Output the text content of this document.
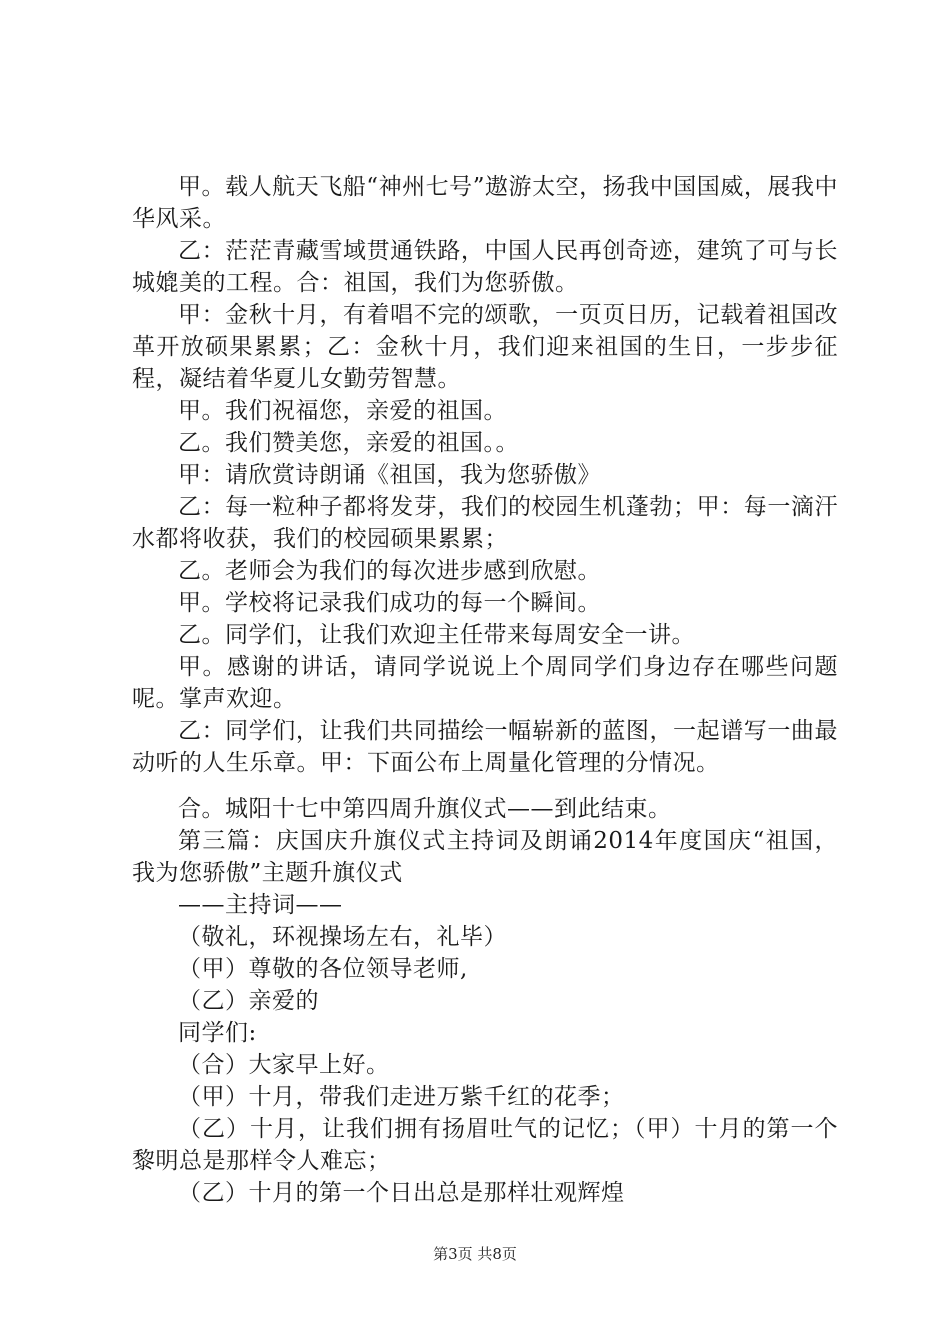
甲。载人航天飞船“神州七号”遨游太空，扬我中国国威，展我中华风采。

乙：茫茫青藏雪域贯通铁路，中国人民再创奇迹，建筑了可与长城媲美的工程。合：祖国，我们为您骄傲。

甲：金秋十月，有着唱不完的颂歌，一页页日历，记载着祖国改革开放硕果累累；乙：金秋十月，我们迎来祖国的生日，一步步征程，凝结着华夏儿女勤劳智慧。

甲。我们祝福您，亲爱的祖国。

乙。我们赞美您，亲爱的祖国。。

甲：请欣赏诗朗诵《祖国，我为您骄傲》

乙：每一粒种子都将发芽，我们的校园生机蓬勃；甲：每一滴汗水都将收获，我们的校园硕果累累；

乙。老师会为我们的每次进步感到欣慰。

甲。学校将记录我们成功的每一个瞬间。

乙。同学们，让我们欢迎主任带来每周安全一讲。

甲。感谢的讲话，请同学说说上个周同学们身边存在哪些问题呢。掌声欢迎。

乙：同学们，让我们共同描绘一幅崭新的蓝图，一起谱写一曲最动听的人生乐章。甲：下面公布上周量化管理的分情况。

合。城阳十七中第四周升旗仪式——到此结束。

第三篇：庆国庆升旗仪式主持词及朗诵2014年度国庆“祖国，我为您骄傲”主题升旗仪式

——主持词——

（敬礼，环视操场左右，礼毕）

（甲）尊敬的各位领导老师,

（乙）亲爱的

同学们:

（合）大家早上好。

（甲）十月，带我们走进万紫千红的花季；

（乙）十月，让我们拥有扬眉吐气的记忆；（甲）十月的第一个黎明总是那样令人难忘；

（乙）十月的第一个日出总是那样壮观辉煌

第3页 共8页
